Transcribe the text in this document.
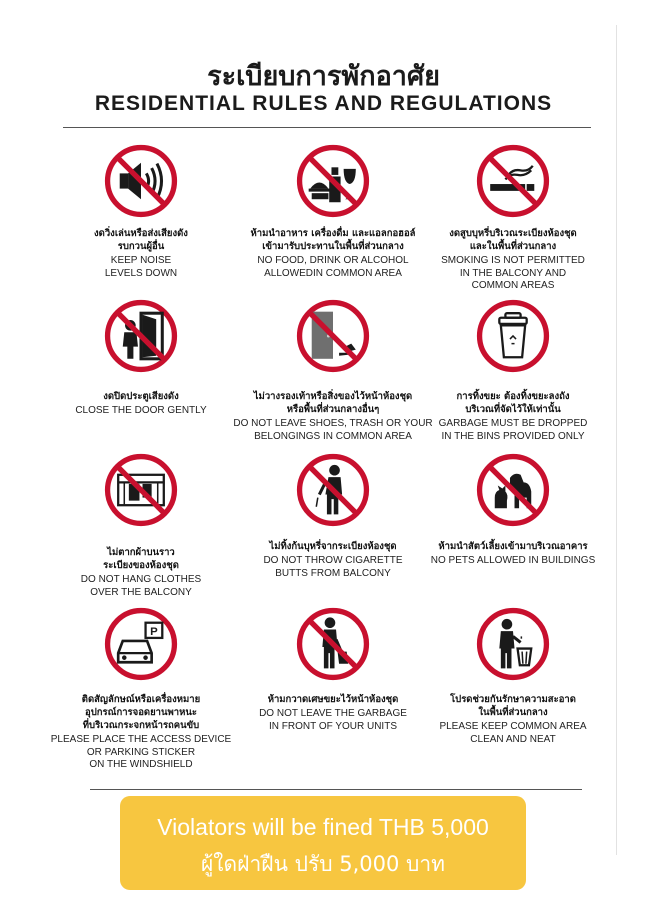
ระเบียบการพักอาศัย
RESIDENTIAL RULES AND REGULATIONS
งดวิ่งเล่นหรือส่งเสียงดัง
รบกวนผู้อื่น
KEEP NOISE
LEVELS DOWN
ห้ามนำอาหาร เครื่องดื่ม และแอลกอฮอล์
เข้ามารับประทานในพื้นที่ส่วนกลาง
NO FOOD, DRINK OR ALCOHOL
ALLOWEDIN COMMON AREA
งดสูบบุหรี่บริเวณระเบียงห้องชุด
และในพื้นที่ส่วนกลาง
SMOKING IS NOT PERMITTED
IN THE BALCONY AND
COMMON AREAS
งดปิดประตูเสียงดัง
CLOSE THE DOOR GENTLY
ไม่วางรองเท้าหรือสิ่งของไว้หน้าห้องชุด
หรือพื้นที่ส่วนกลางอื่นๆ
DO NOT LEAVE SHOES, TRASH OR YOUR
BELONGINGS IN COMMON AREA
การทิ้งขยะ ต้องทิ้งขยะลงถัง
บริเวณที่จัดไว้ให้เท่านั้น
GARBAGE MUST BE DROPPED
IN THE BINS PROVIDED ONLY
ไม่ตากผ้าบนราว
ระเบียงของห้องชุด
DO NOT HANG CLOTHES
OVER THE BALCONY
ไม่ทิ้งก้นบุหรี่จากระเบียงห้องชุด
DO NOT THROW CIGARETTE
BUTTS FROM BALCONY
ห้ามนำสัตว์เลี้ยงเข้ามาบริเวณอาคาร
NO PETS ALLOWED IN BUILDINGS
P
ติดสัญลักษณ์หรือเครื่องหมาย
อุปกรณ์การจอดยานพาหนะ
ที่บริเวณกระจกหน้ารถคนขับ
PLEASE PLACE THE ACCESS DEVICE
OR PARKING STICKER
ON THE WINDSHIELD
ห้ามกวาดเศษขยะไว้หน้าห้องชุด
DO NOT LEAVE THE GARBAGE
IN FRONT OF YOUR UNITS
โปรดช่วยกันรักษาความสะอาด
ในพื้นที่ส่วนกลาง
PLEASE KEEP COMMON AREA
CLEAN AND NEAT
Violators will be fined THB 5,000
ผู้ใดฝ่าฝืน ปรับ 5,000 บาท
